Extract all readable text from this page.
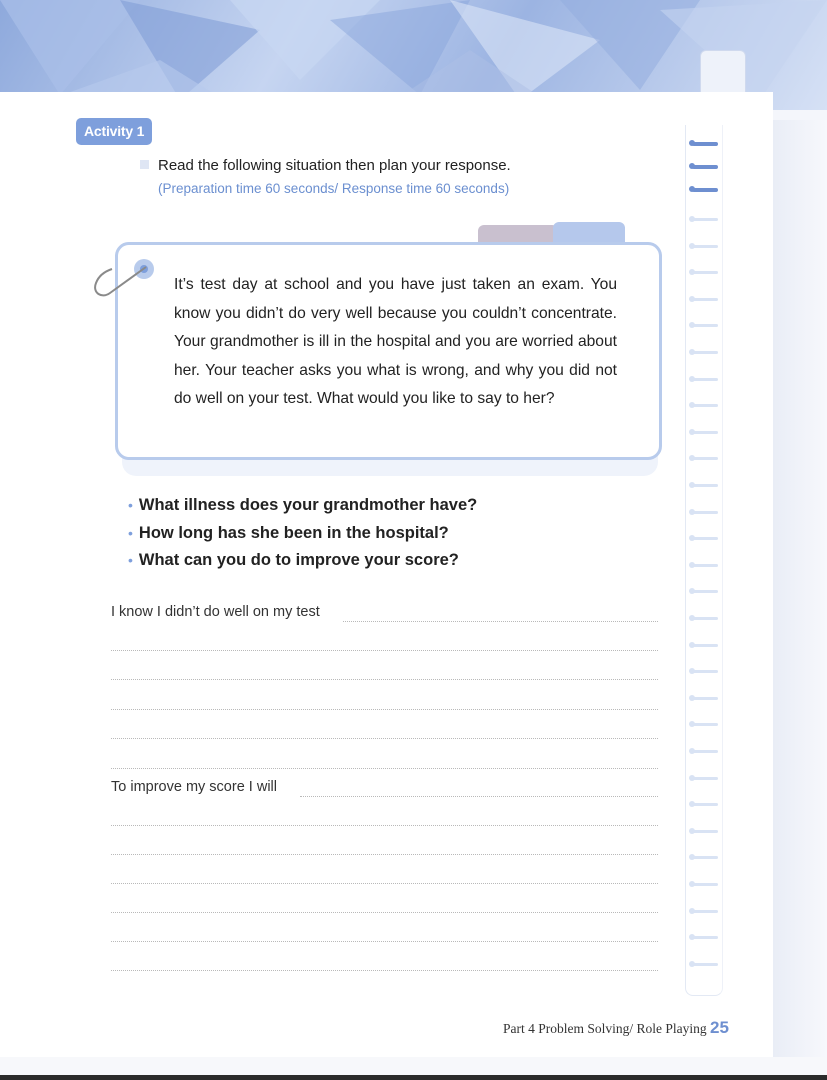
Activity 1
Read the following situation then plan your response.
(Preparation time 60 seconds/ Response time 60 seconds)

It’s test day at school and you have just taken an exam. You know you didn’t do very well because you couldn’t concentrate. Your grandmother is ill in the hospital and you are worried about her. Your teacher asks you what is wrong, and why you did not do well on your test. What would you like to say to her?

• What illness does your grandmother have?
• How long has she been in the hospital?
• What can you do to improve your score?
I know I didn’t do well on my test
To improve my score I will
Part 4 Problem Solving/ Role Playing 25
